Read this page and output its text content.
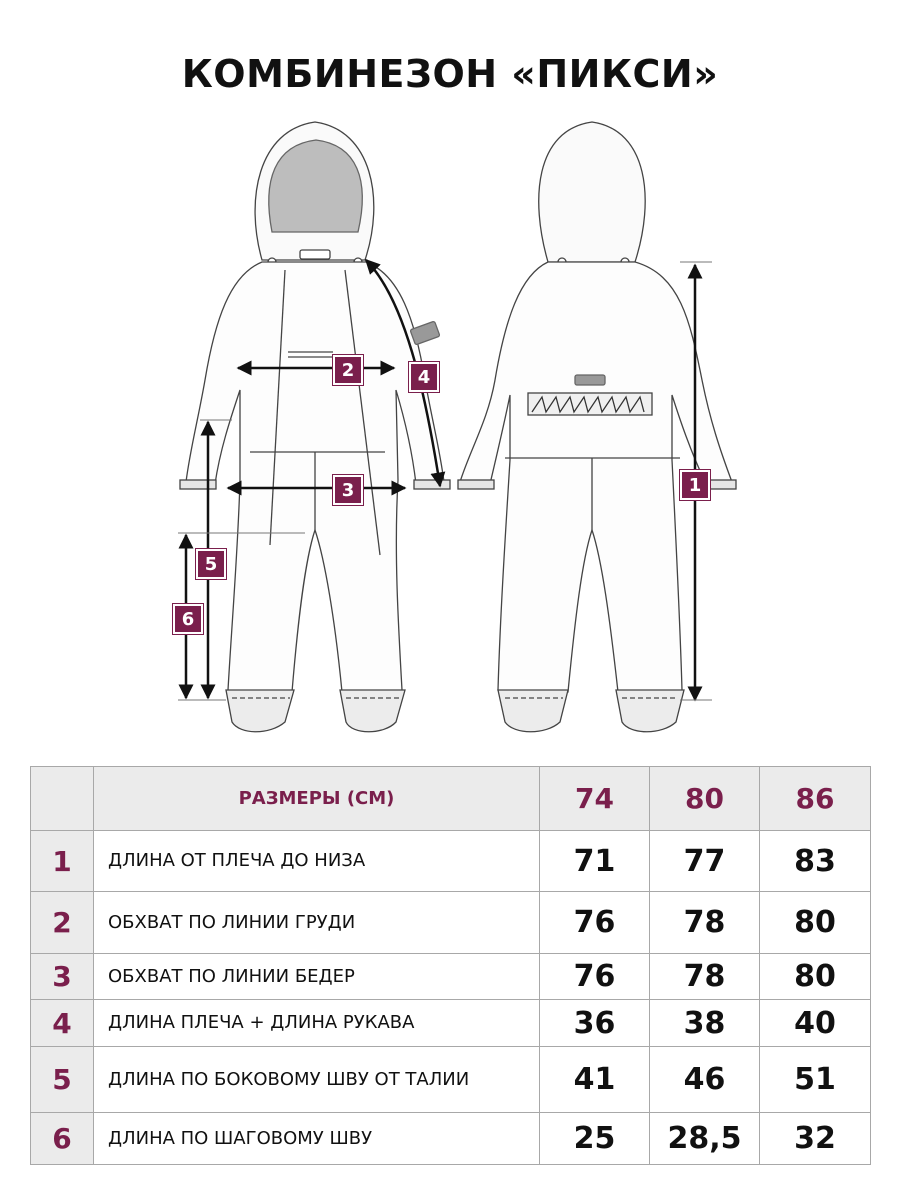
КОМБИНЕЗОН «ПИКСИ»
1
2
3
4
5
6
	РАЗМЕРЫ (СМ)	74	80	86
1	ДЛИНА ОТ ПЛЕЧА ДО НИЗА	71	77	83
2	ОБХВАТ ПО ЛИНИИ ГРУДИ	76	78	80
3	ОБХВАТ ПО ЛИНИИ БЕДЕР	76	78	80
4	ДЛИНА ПЛЕЧА + ДЛИНА РУКАВА	36	38	40
5	ДЛИНА ПО БОКОВОМУ ШВУ ОТ ТАЛИИ	41	46	51
6	ДЛИНА ПО ШАГОВОМУ ШВУ	25	28,5	32
